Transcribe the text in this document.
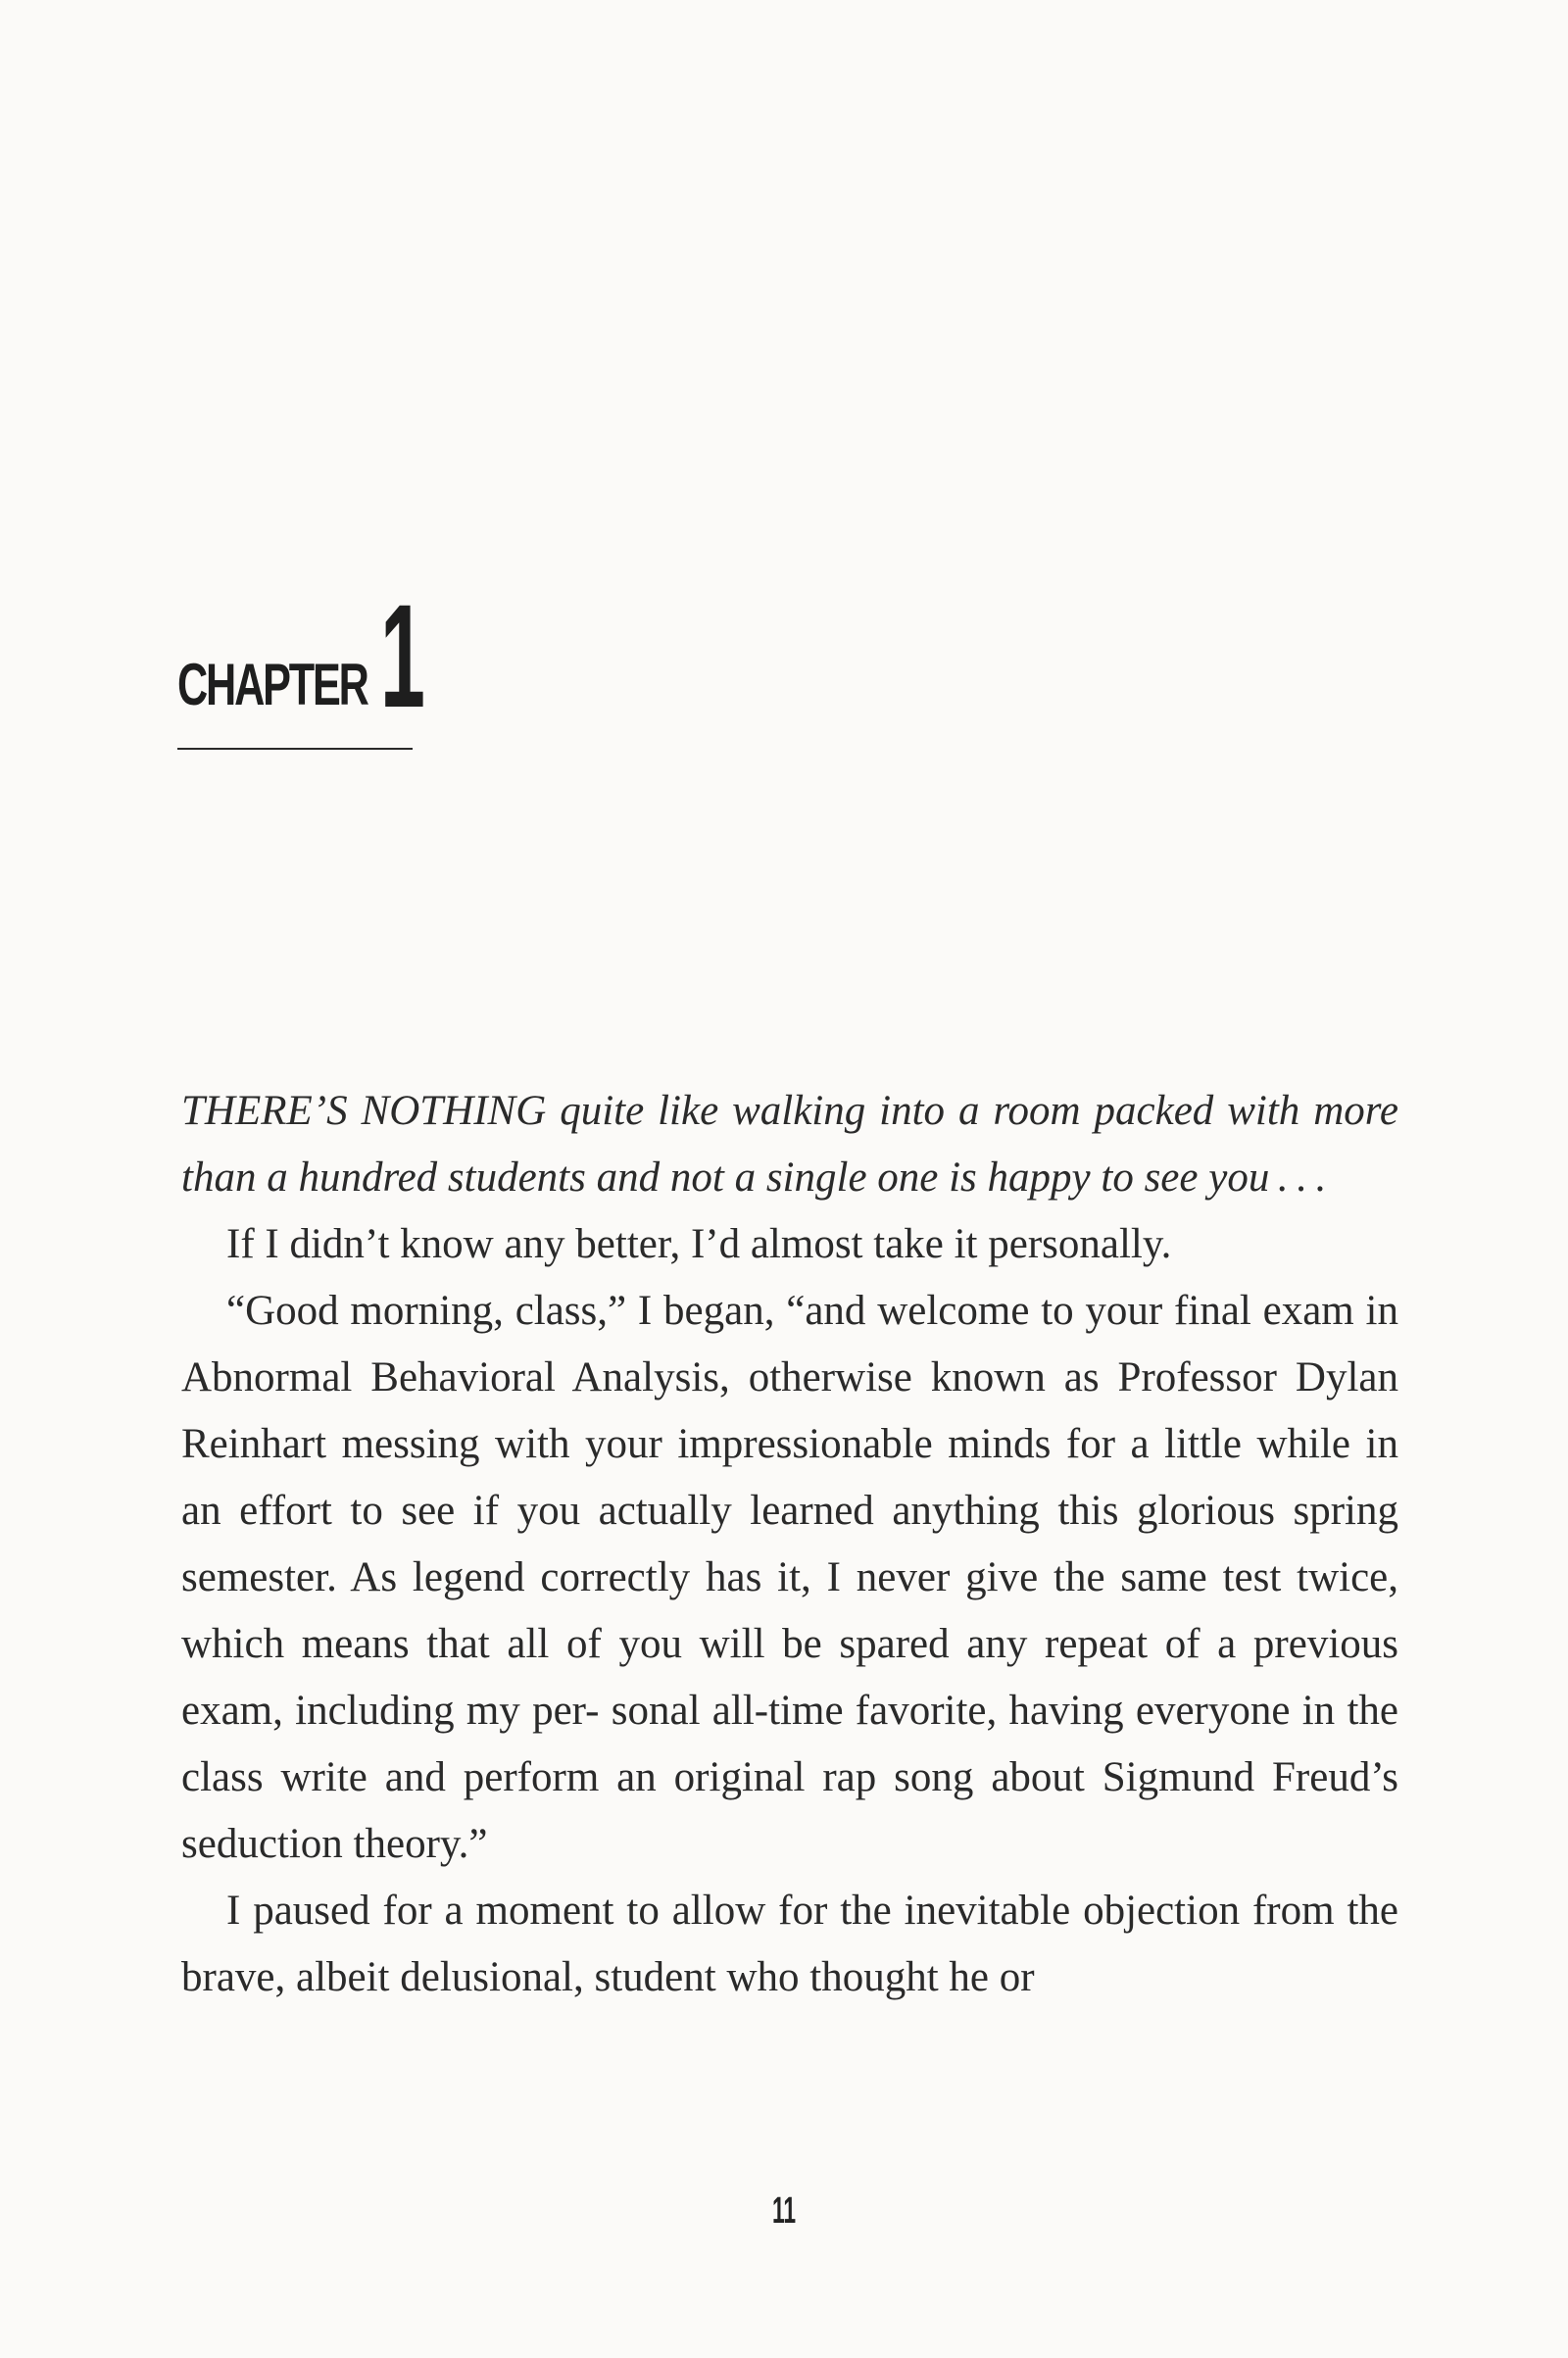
CHAPTER 1

THERE’S NOTHING quite like walking into a room packed with more than a hundred students and not a single one is happy to see you . . .

If I didn’t know any better, I’d almost take it personally.

“Good morning, class,” I began, “and welcome to your final exam in Abnormal Behavioral Analysis, otherwise known as Professor Dylan Reinhart messing with your impressionable minds for a little while in an effort to see if you actually learned anything this glorious spring semester. As legend correctly has it, I never give the same test twice, which means that all of you will be spared any repeat of a previous exam, including my per- sonal all-time favorite, having everyone in the class write and perform an original rap song about Sigmund Freud’s seduction theory.”

I paused for a moment to allow for the inevitable objection from the brave, albeit delusional, student who thought he or

11
